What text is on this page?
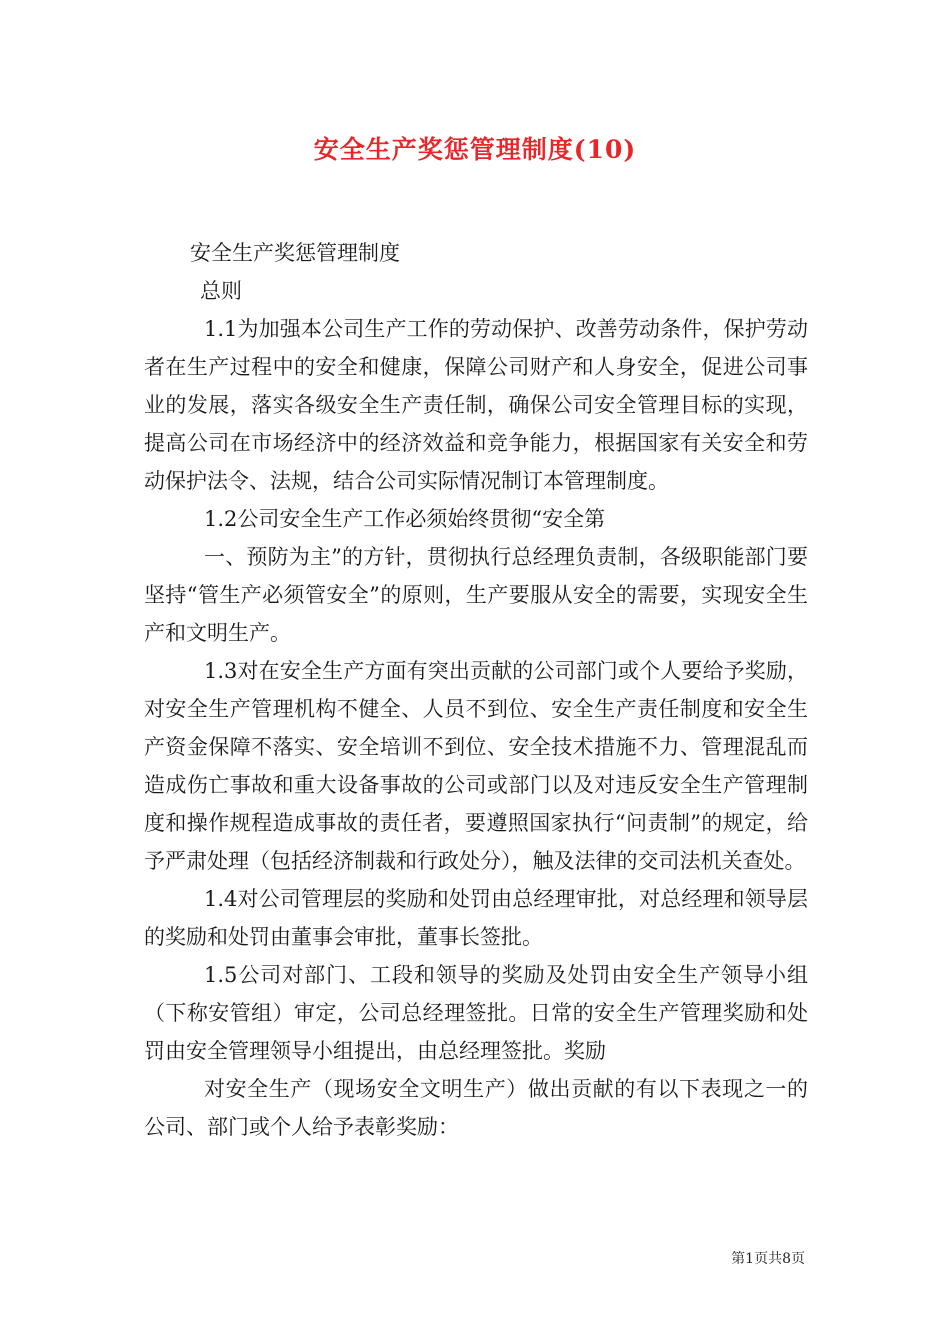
安全生产奖惩管理制度(10)

安全生产奖惩管理制度

总则

1.1为加强本公司生产工作的劳动保护、改善劳动条件，保护劳动者在生产过程中的安全和健康，保障公司财产和人身安全，促进公司事业的发展，落实各级安全生产责任制，确保公司安全管理目标的实现，提高公司在市场经济中的经济效益和竞争能力，根据国家有关安全和劳动保护法令、法规，结合公司实际情况制订本管理制度。

1.2公司安全生产工作必须始终贯彻“安全第

一、预防为主”的方针，贯彻执行总经理负责制，各级职能部门要坚持“管生产必须管安全”的原则，生产要服从安全的需要，实现安全生产和文明生产。

1.3对在安全生产方面有突出贡献的公司部门或个人要给予奖励，对安全生产管理机构不健全、人员不到位、安全生产责任制度和安全生产资金保障不落实、安全培训不到位、安全技术措施不力、管理混乱而造成伤亡事故和重大设备事故的公司或部门以及对违反安全生产管理制度和操作规程造成事故的责任者，要遵照国家执行“问责制”的规定，给予严肃处理（包括经济制裁和行政处分），触及法律的交司法机关查处。

1.4对公司管理层的奖励和处罚由总经理审批，对总经理和领导层的奖励和处罚由董事会审批，董事长签批。

1.5公司对部门、工段和领导的奖励及处罚由安全生产领导小组（下称安管组）审定，公司总经理签批。日常的安全生产管理奖励和处罚由安全管理领导小组提出，由总经理签批。奖励

对安全生产（现场安全文明生产）做出贡献的有以下表现之一的公司、部门或个人给予表彰奖励：

第1页共8页
